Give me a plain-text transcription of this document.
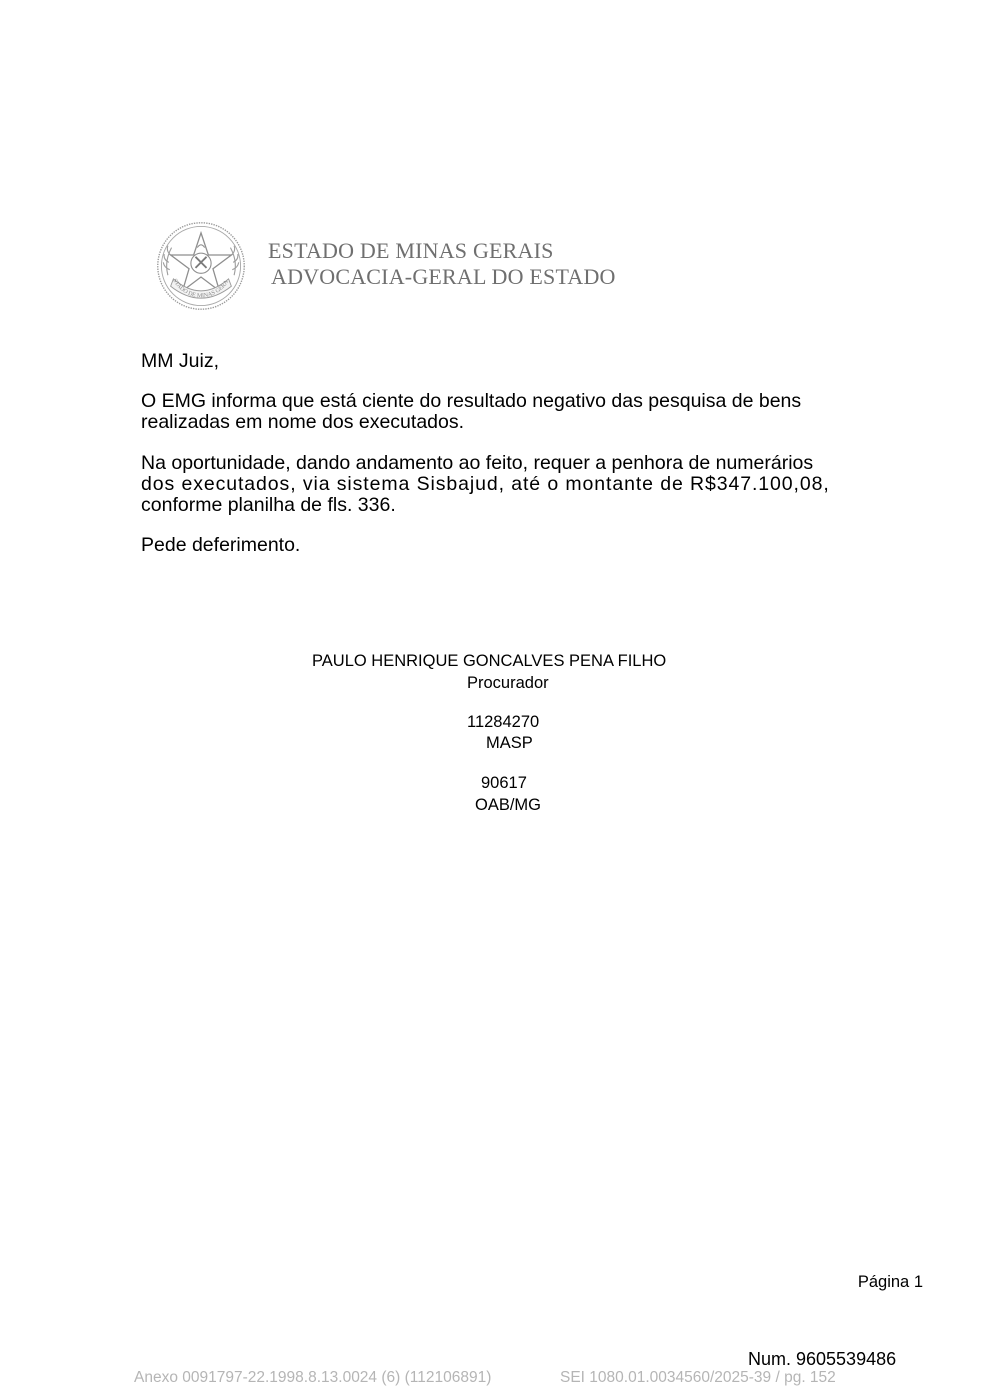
STADO DE MINAS GERA
ESTADO DE MINAS GERAIS
ADVOCACIA-GERAL DO ESTADO
MM Juiz,
O EMG informa que está ciente do resultado negativo das pesquisa de bens realizadas em nome dos executados.
Na oportunidade, dando andamento ao feito, requer a penhora de numerários
dos executados, via sistema Sisbajud, até o montante de R$347.100,08,
conforme planilha de fls. 336.
Pede deferimento.
PAULO HENRIQUE GONCALVES PENA FILHO
Procurador
11284270
MASP
90617
OAB/MG
Página 1
Num. 9605539486
Anexo 0091797-22.1998.8.13.0024 (6) (112106891)	SEI 1080.01.0034560/2025-39 / pg. 152
